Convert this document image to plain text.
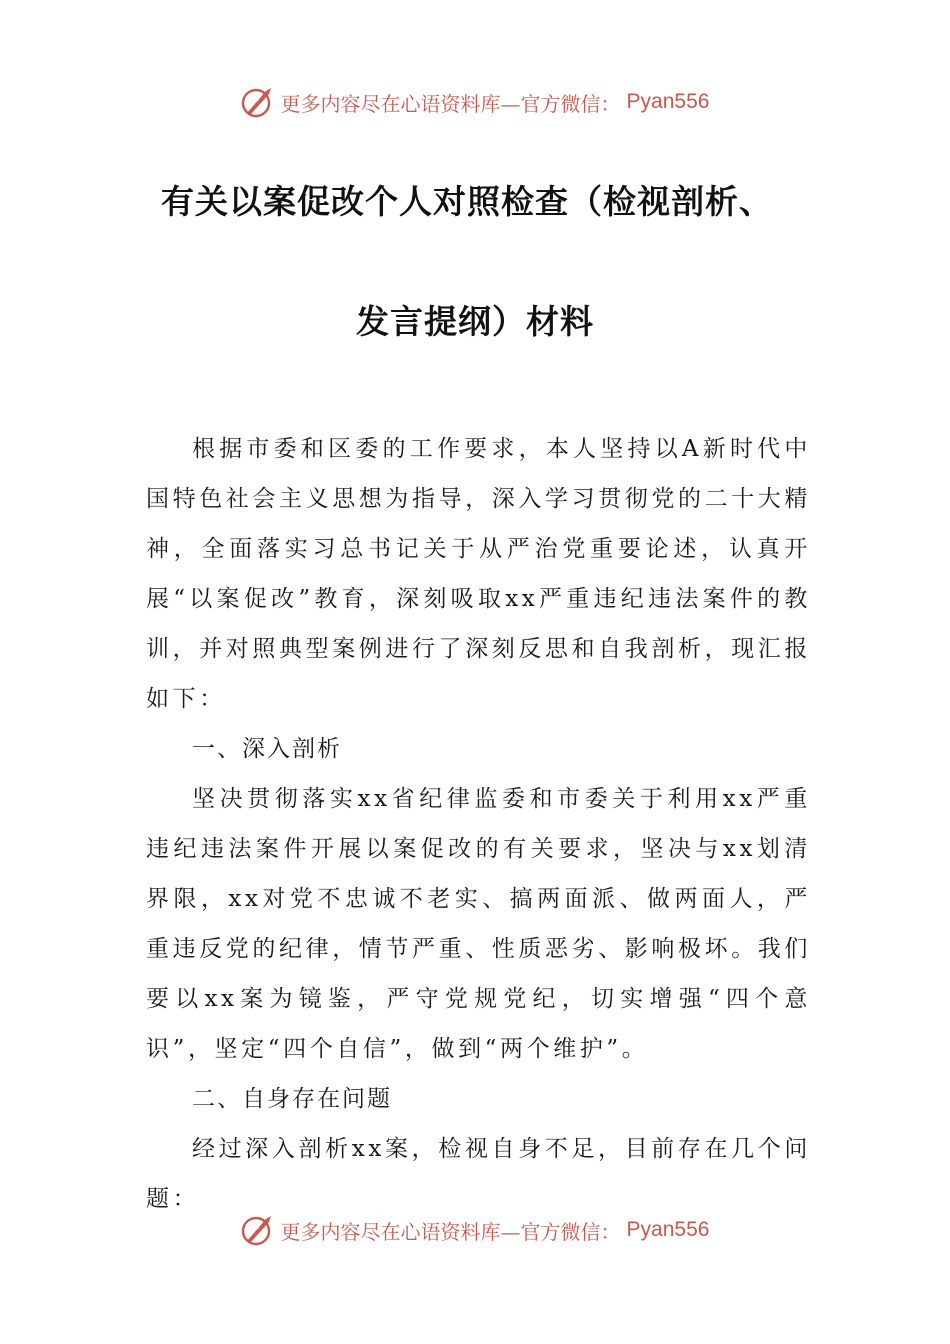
更多内容尽在心语资料库—官方微信： Pyan556
有关以案促改个人对照检查（检视剖析、
发言提纲）材料

根据市委和区委的工作要求，本人坚持以A新时代中国特色社会主义思想为指导，深入学习贯彻党的二十大精神，全面落实习总书记关于从严治党重要论述，认真开展“以案促改”教育，深刻吸取xx严重违纪违法案件的教训，并对照典型案例进行了深刻反思和自我剖析，现汇报如下：

一、深入剖析

坚决贯彻落实xx省纪律监委和市委关于利用xx严重违纪违法案件开展以案促改的有关要求，坚决与xx划清界限，xx对党不忠诚不老实、搞两面派、做两面人，严重违反党的纪律，情节严重、性质恶劣、影响极坏。我们要以xx案为镜鉴，严守党规党纪，切实增强“四个意识”，坚定“四个自信”，做到“两个维护”。

二、自身存在问题

经过深入剖析xx案，检视自身不足，目前存在几个问题：

更多内容尽在心语资料库—官方微信： Pyan556
